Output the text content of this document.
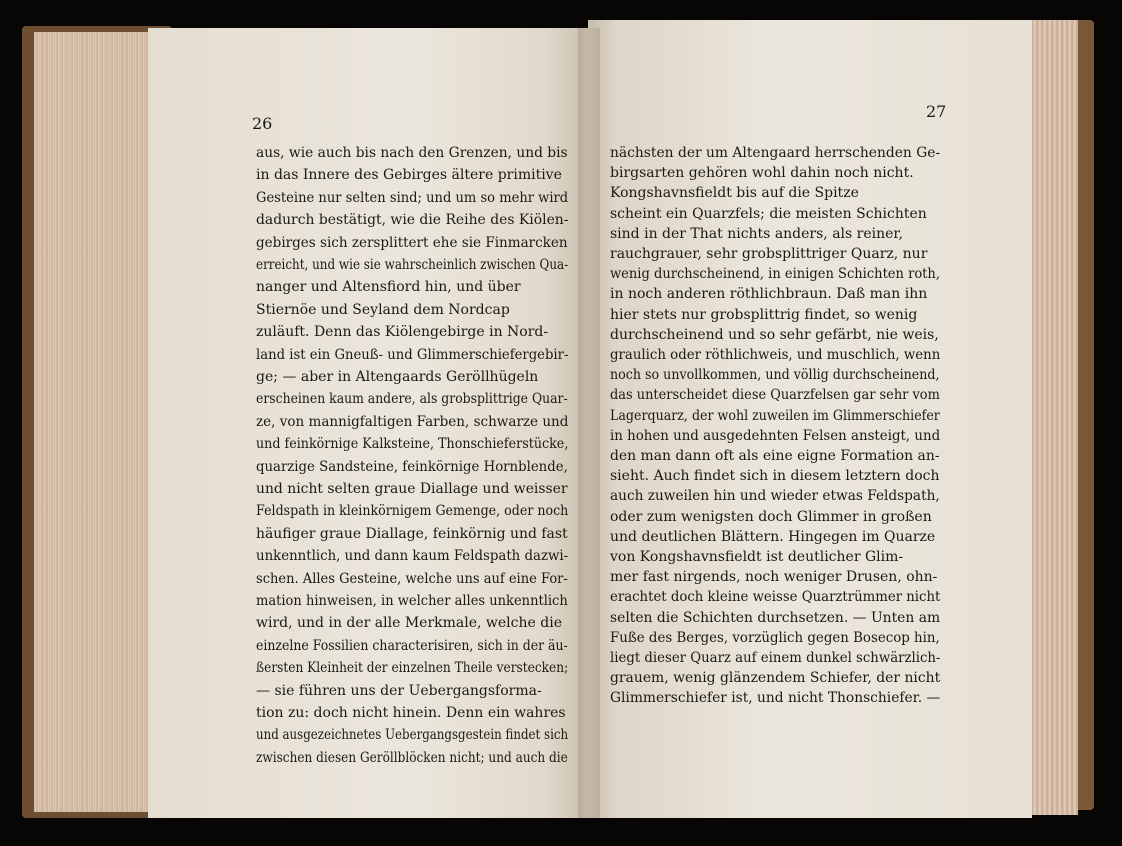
26
aus, wie auch bis nach den Grenzen, und bis
in das Innere des Gebirges ältere primitive
Gesteine nur selten sind; und um so mehr wird
dadurch bestätigt, wie die Reihe des Kiölen-
gebirges sich zersplittert ehe sie Finmarcken
erreicht, und wie sie wahrscheinlich zwischen Qua-
nanger und Altensfiord hin, und über
Stiernöe und Seyland dem Nordcap
zuläuft. Denn das Kiölengebirge in Nord-
land ist ein Gneuß- und Glimmerschiefergebir-
ge; — aber in Altengaards Geröllhügeln
erscheinen kaum andere, als grobsplittrige Quar-
ze, von mannigfaltigen Farben, schwarze und
und feinkörnige Kalksteine, Thonschieferstücke,
quarzige Sandsteine, feinkörnige Hornblende,
und nicht selten graue Diallage und weisser
Feldspath in kleinkörnigem Gemenge, oder noch
häufiger graue Diallage, feinkörnig und fast
unkenntlich, und dann kaum Feldspath dazwi-
schen. Alles Gesteine, welche uns auf eine For-
mation hinweisen, in welcher alles unkenntlich
wird, und in der alle Merkmale, welche die
einzelne Fossilien characterisiren, sich in der äu-
ßersten Kleinheit der einzelnen Theile verstecken;
— sie führen uns der Uebergangsforma-
tion zu: doch nicht hinein. Denn ein wahres
und ausgezeichnetes Uebergangsgestein findet sich
zwischen diesen Geröllblöcken nicht; und auch die
27
nächsten der um Altengaard herrschenden Ge-
birgsarten gehören wohl dahin noch nicht.
Kongshavnsfieldt bis auf die Spitze
scheint ein Quarzfels; die meisten Schichten
sind in der That nichts anders, als reiner,
rauchgrauer, sehr grobsplittriger Quarz, nur
wenig durchscheinend, in einigen Schichten roth,
in noch anderen röthlichbraun. Daß man ihn
hier stets nur grobsplittrig findet, so wenig
durchscheinend und so sehr gefärbt, nie weis,
graulich oder röthlichweis, und muschlich, wenn
noch so unvollkommen, und völlig durchscheinend,
das unterscheidet diese Quarzfelsen gar sehr vom
Lagerquarz, der wohl zuweilen im Glimmerschiefer
in hohen und ausgedehnten Felsen ansteigt, und
den man dann oft als eine eigne Formation an-
sieht. Auch findet sich in diesem letztern doch
auch zuweilen hin und wieder etwas Feldspath,
oder zum wenigsten doch Glimmer in großen
und deutlichen Blättern. Hingegen im Quarze
von Kongshavnsfieldt ist deutlicher Glim-
mer fast nirgends, noch weniger Drusen, ohn-
erachtet doch kleine weisse Quarztrümmer nicht
selten die Schichten durchsetzen. — Unten am
Fuße des Berges, vorzüglich gegen Bosecop hin,
liegt dieser Quarz auf einem dunkel schwärzlich-
grauem, wenig glänzendem Schiefer, der nicht
Glimmerschiefer ist, und nicht Thonschiefer. —
